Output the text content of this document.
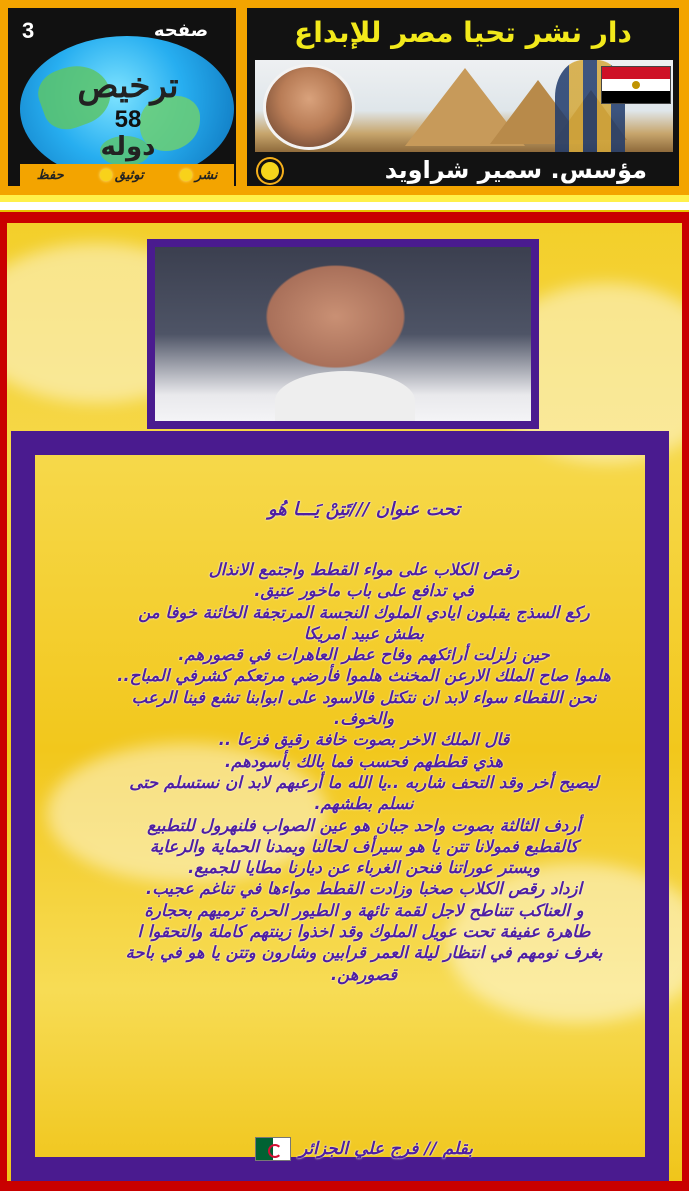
3	صفحه
ترخيص
58
دوله
نشر
توثيق
حفظ
دار نشر تحيا مصر للإبداع
مؤسس. سمير شراويد
تحت عنوان ///تَتِنْ يَـــا هُو
رقص الكلاب على مواء القطط واجتمع الانذال
في تدافع على باب ماخور عتيق.
ركع السذج يقبلون ايادي الملوك النجسة المرتجفة الخائنة خوفا من
بطش عبيد امريكا
حين زلزلت أرائكهم وفاح عطر العاهرات في قصورهم.
هلموا صاح الملك الارعن المخنث هلموا فأرضي مرتعكم كشرفي المباح..
نحن اللقطاء سواء لابد ان نتكتل فالاسود على ابوابنا تشع فينا الرعب
والخوف.
قال الملك الاخر بصوت خافة رقيق فزعا ..
هذي قططهم فحسب فما بالك بأسودهم.
ليصيح أخر وقد التحف شاربه ..يا الله ما أرعبهم لابد ان نستسلم حتى
نسلم بطشهم.
أردف الثالثة بصوت واحد جبان هو عين الصواب فلنهرول للتطبيع
كالقطيع فمولانا تتن يا هو سيرأف لحالنا ويمدنا الحماية والرعاية
ويستر عوراتنا فنحن الغرباء عن ديارنا مطايا للجميع.
ازداد رقص الكلاب صخبا وزادت القطط مواءها في تناغم عجيب.
و العناكب تتناطح لاجل لقمة تائهة و الطيور الحرة ترميهم بحجارة
طاهرة عفيفة تحت عويل الملوك وقد اخذوا زينتهم كاملة والتحقوا ا
بغرف نومهم في انتظار ليلة العمر قرابين وشارون وتتن يا هو في باحة
قصورهن.
بقلم // فرج علي الجزائر
